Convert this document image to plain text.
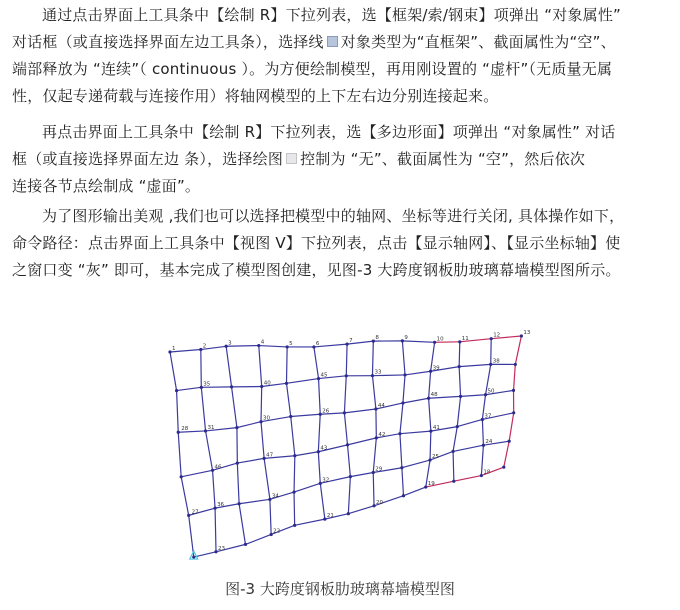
通过点击界面上工具条中【绘制 R】下拉列表，选【框架/索/钢束】项弹出 “对象属性”
对话框（或直接选择界面左边工具条），选择线 对象类型为“直框架”、截面属性为“空”、
端部释放为 “连续”（ continuous ）。为方便绘制模型，再用刚设置的 “虚杆”（无质量无属
性，仅起专递荷载与连接作用）将轴网模型的上下左右边分别连接起来。
再点击界面上工具条中【绘制 R】下拉列表，选【多边形面】项弹出 “对象属性” 对话
框（或直接选择界面左边 条），选择绘图 控制为 “无”、截面属性为 “空”，然后依次
连接各节点绘制成 “虚面”。
为了图形输出美观 ,我们也可以选择把模型中的轴网、坐标等进行关闭, 具体操作如下，
命令路径：点击界面上工具条中【视图 V】下拉列表，点击【显示轴网】、【显示坐标轴】使
之窗口变 “灰” 即可，基本完成了模型图创建，见图-3 大跨度钢板肋玻璃幕墙模型图所示。
1	2
3	4	5	6	7
8	9	10	11
12	13
35	40
45	33
39
38
31
30
26
44
48
50
46
47
43
42
41
37
36
34
32
29
25
24
23
22
21
20
19
18
28
27
图-3 大跨度钢板肋玻璃幕墙模型图
